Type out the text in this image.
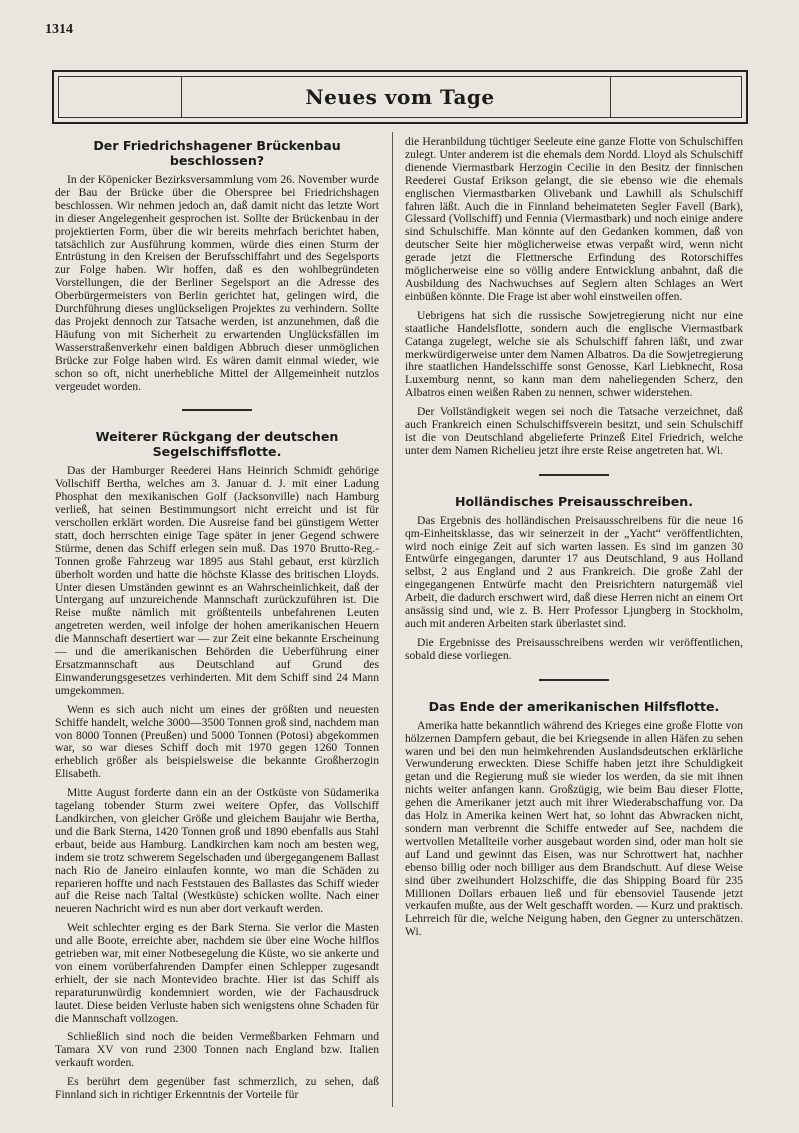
1314
Neues vom Tage
Der Friedrichshagener Brückenbau beschlossen?

In der Köpenicker Bezirksversammlung vom 26. November wurde der Bau der Brücke über die Oberspree bei Friedrichshagen beschlossen. Wir nehmen jedoch an, daß damit nicht das letzte Wort in dieser Angelegenheit gesprochen ist. Sollte der Brückenbau in der projektierten Form, über die wir bereits mehrfach berichtet haben, tatsächlich zur Ausführung kommen, würde dies einen Sturm der Entrüstung in den Kreisen der Berufsschiffahrt und des Segelsports zur Folge haben. Wir hoffen, daß es den wohlbegründeten Vorstellungen, die der Berliner Segelsport an die Adresse des Oberbürgermeisters von Berlin gerichtet hat, gelingen wird, die Durchführung dieses unglückseligen Projektes zu verhindern. Sollte das Projekt dennoch zur Tatsache werden, ist anzunehmen, daß die Häufung von mit Sicherheit zu erwartenden Unglücksfällen im Wasserstraßenverkehr einen baldigen Abbruch dieser unmöglichen Brücke zur Folge haben wird. Es wären damit einmal wieder, wie schon so oft, nicht unerhebliche Mittel der Allgemeinheit nutzlos vergeudet worden.

Weiterer Rückgang der deutschen Segelschiffsflotte.

Das der Hamburger Reederei Hans Heinrich Schmidt gehörige Vollschiff Bertha, welches am 3. Januar d. J. mit einer Ladung Phosphat den mexikanischen Golf (Jacksonville) nach Hamburg verließ, hat seinen Bestimmungsort nicht erreicht und ist für verschollen erklärt worden. Die Ausreise fand bei günstigem Wetter statt, doch herrschten einige Tage später in jener Gegend schwere Stürme, denen das Schiff erlegen sein muß. Das 1970 Brutto-Reg.-Tonnen große Fahrzeug war 1895 aus Stahl gebaut, erst kürzlich überholt worden und hatte die höchste Klasse des britischen Lloyds. Unter diesen Umständen gewinnt es an Wahrscheinlichkeit, daß der Untergang auf unzureichende Mannschaft zurückzuführen ist. Die Reise mußte nämlich mit größtenteils unbefahrenen Leuten angetreten werden, weil infolge der hohen amerikanischen Heuern die Mannschaft desertiert war — zur Zeit eine bekannte Erscheinung — und die amerikanischen Behörden die Ueberführung einer Ersatzmannschaft aus Deutschland auf Grund des Einwanderungsgesetzes verhinderten. Mit dem Schiff sind 24 Mann umgekommen.

Wenn es sich auch nicht um eines der größten und neuesten Schiffe handelt, welche 3000—3500 Tonnen groß sind, nachdem man von 8000 Tonnen (Preußen) und 5000 Tonnen (Potosi) abgekommen war, so war dieses Schiff doch mit 1970 gegen 1260 Tonnen erheblich größer als beispielsweise die bekannte Großherzogin Elisabeth.

Mitte August forderte dann ein an der Ostküste von Südamerika tagelang tobender Sturm zwei weitere Opfer, das Vollschiff Landkirchen, von gleicher Größe und gleichem Baujahr wie Bertha, und die Bark Sterna, 1420 Tonnen groß und 1890 ebenfalls aus Stahl erbaut, beide aus Hamburg. Landkirchen kam noch am besten weg, indem sie trotz schwerem Segelschaden und übergegangenem Ballast nach Rio de Janeiro einlaufen konnte, wo man die Schäden zu reparieren hoffte und nach Feststauen des Ballastes das Schiff wieder auf die Reise nach Taltal (Westküste) schicken wollte. Nach einer neueren Nachricht wird es nun aber dort verkauft werden.

Weit schlechter erging es der Bark Sterna. Sie verlor die Masten und alle Boote, erreichte aber, nachdem sie über eine Woche hilflos getrieben war, mit einer Notbesegelung die Küste, wo sie ankerte und von einem vorüberfahrenden Dampfer einen Schlepper zugesandt erhielt, der sie nach Montevideo brachte. Hier ist das Schiff als reparaturunwürdig kondemniert worden, wie der Fachausdruck lautet. Diese beiden Verluste haben sich wenigstens ohne Schaden für die Mannschaft vollzogen.

Schließlich sind noch die beiden Vermeßbarken Fehmarn und Tamara XV von rund 2300 Tonnen nach England bzw. Italien verkauft worden.

Es berührt dem gegenüber fast schmerzlich, zu sehen, daß Finnland sich in richtiger Erkenntnis der Vorteile für

die Heranbildung tüchtiger Seeleute eine ganze Flotte von Schulschiffen zulegt. Unter anderem ist die ehemals dem Nordd. Lloyd als Schulschiff dienende Viermastbark Herzogin Cecilie in den Besitz der finnischen Reederei Gustaf Erikson gelangt, die sie ebenso wie die ehemals englischen Viermastbarken Olivebank und Lawhill als Schulschiff fahren läßt. Auch die in Finnland beheimateten Segler Favell (Bark), Glessard (Vollschiff) und Fennia (Viermastbark) und noch einige andere sind Schulschiffe. Man könnte auf den Gedanken kommen, daß von deutscher Seite hier möglicherweise etwas verpaßt wird, wenn nicht gerade jetzt die Flettnersche Erfindung des Rotorschiffes möglicherweise eine so völlig andere Entwicklung anbahnt, daß die Ausbildung des Nachwuchses auf Seglern alten Schlages an Wert einbüßen könnte. Die Frage ist aber wohl einstweilen offen.

Uebrigens hat sich die russische Sowjetregierung nicht nur eine staatliche Handelsflotte, sondern auch die englische Viermastbark Catanga zugelegt, welche sie als Schulschiff fahren läßt, und zwar merkwürdigerweise unter dem Namen Albatros. Da die Sowjetregierung ihre staatlichen Handelsschiffe sonst Genosse, Karl Liebknecht, Rosa Luxemburg nennt, so kann man dem naheliegenden Scherz, den Albatros einen weißen Raben zu nennen, schwer widerstehen.

Der Vollständigkeit wegen sei noch die Tatsache verzeichnet, daß auch Frankreich einen Schulschiffsverein besitzt, und sein Schulschiff ist die von Deutschland abgelieferte Prinzeß Eitel Friedrich, welche unter dem Namen Richelieu jetzt ihre erste Reise angetreten hat. Wi.

Holländisches Preisausschreiben.

Das Ergebnis des holländischen Preisausschreibens für die neue 16 qm-Einheitsklasse, das wir seinerzeit in der „Yacht“ veröffentlichten, wird noch einige Zeit auf sich warten lassen. Es sind im ganzen 30 Entwürfe eingegangen, darunter 17 aus Deutschland, 9 aus Holland selbst, 2 aus England und 2 aus Frankreich. Die große Zahl der eingegangenen Entwürfe macht den Preisrichtern naturgemäß viel Arbeit, die dadurch erschwert wird, daß diese Herren nicht an einem Ort ansässig sind und, wie z. B. Herr Professor Ljungberg in Stockholm, auch mit anderen Arbeiten stark überlastet sind.

Die Ergebnisse des Preisausschreibens werden wir veröffentlichen, sobald diese vorliegen.

Das Ende der amerikanischen Hilfsflotte.

Amerika hatte bekanntlich während des Krieges eine große Flotte von hölzernen Dampfern gebaut, die bei Kriegsende in allen Häfen zu sehen waren und bei den nun heimkehrenden Auslandsdeutschen erklärliche Verwunderung erweckten. Diese Schiffe haben jetzt ihre Schuldigkeit getan und die Regierung muß sie wieder los werden, da sie mit ihnen nichts weiter anfangen kann. Großzügig, wie beim Bau dieser Flotte, gehen die Amerikaner jetzt auch mit ihrer Wiederabschaffung vor. Da das Holz in Amerika keinen Wert hat, so lohnt das Abwracken nicht, sondern man verbrennt die Schiffe entweder auf See, nachdem die wertvollen Metallteile vorher ausgebaut worden sind, oder man holt sie auf Land und gewinnt das Eisen, was nur Schrottwert hat, nachher ebenso billig oder noch billiger aus dem Brandschutt. Auf diese Weise sind über zweihundert Holzschiffe, die das Shipping Board für 235 Millionen Dollars erbauen ließ und für ebensoviel Tausende jetzt verkaufen mußte, aus der Welt geschafft worden. — Kurz und praktisch. Lehrreich für die, welche Neigung haben, den Gegner zu unterschätzen. Wi.
